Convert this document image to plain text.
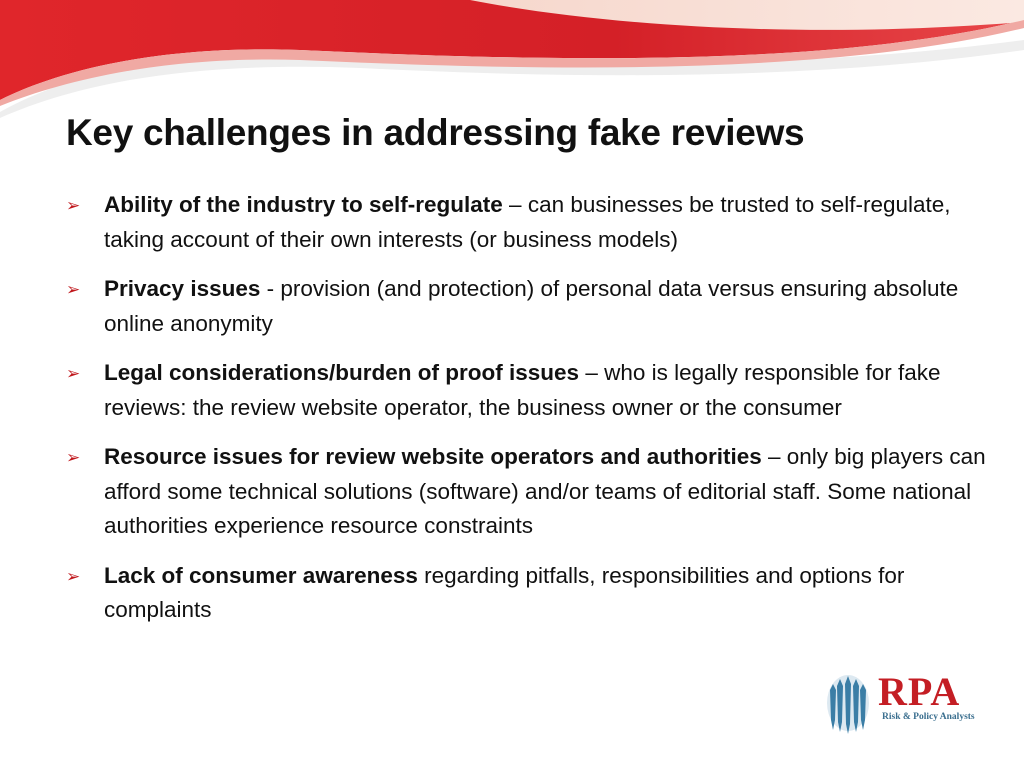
Key challenges in addressing fake reviews
➢ Ability of the industry to self-regulate – can businesses be trusted to self-regulate, taking account of their own interests (or business models)
➢ Privacy issues - provision (and protection) of personal data versus ensuring absolute online anonymity
➢ Legal considerations/burden of proof issues – who is legally responsible for fake reviews: the review website operator, the business owner or the consumer
➢ Resource issues for review website operators and authorities – only big players can afford some technical solutions (software) and/or teams of editorial staff. Some national authorities experience resource constraints
➢ Lack of consumer awareness regarding pitfalls, responsibilities and options for complaints
RPA
Risk & Policy Analysts
